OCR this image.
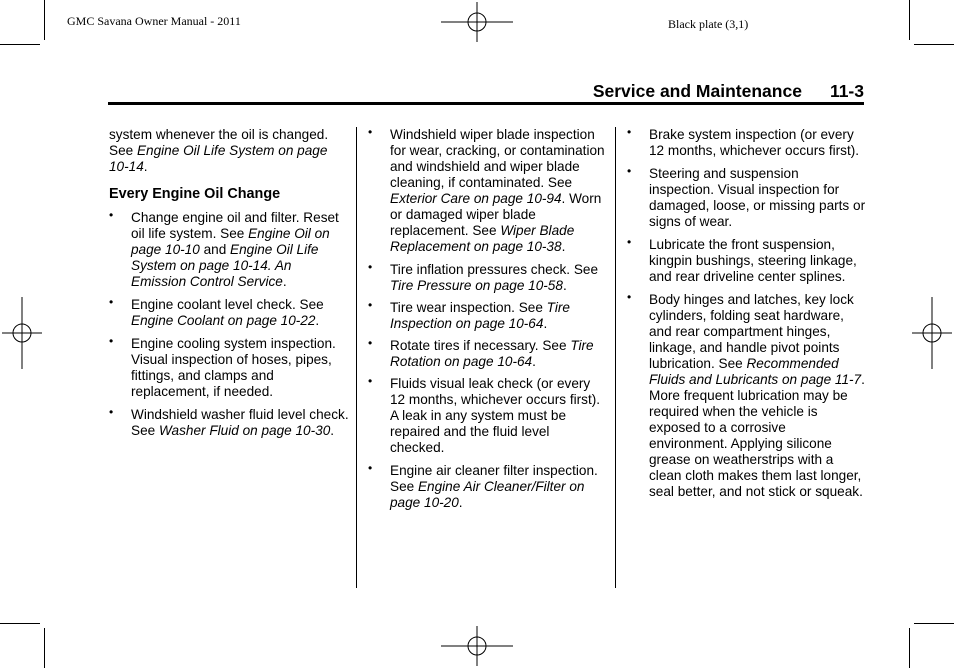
GMC Savana Owner Manual - 2011	Black plate (3,1)
Service and Maintenance 11-3

system whenever the oil is changed. See Engine Oil Life System on page 10-14.

Every Engine Oil Change
• Change engine oil and filter. Reset oil life system. See Engine Oil on page 10-10 and Engine Oil Life System on page 10-14. An Emission Control Service.
• Engine coolant level check. See Engine Coolant on page 10-22.
• Engine cooling system inspection. Visual inspection of hoses, pipes, fittings, and clamps and replacement, if needed.
• Windshield washer fluid level check. See Washer Fluid on page 10-30.
• Windshield wiper blade inspection for wear, cracking, or contamination and windshield and wiper blade cleaning, if contaminated. See Exterior Care on page 10-94. Worn or damaged wiper blade replacement. See Wiper Blade Replacement on page 10-38.
• Tire inflation pressures check. See Tire Pressure on page 10-58.
• Tire wear inspection. See Tire Inspection on page 10-64.
• Rotate tires if necessary. See Tire Rotation on page 10-64.
• Fluids visual leak check (or every 12 months, whichever occurs first). A leak in any system must be repaired and the fluid level checked.
• Engine air cleaner filter inspection. See Engine Air Cleaner/Filter on page 10-20.
• Brake system inspection (or every 12 months, whichever occurs first).
• Steering and suspension inspection. Visual inspection for damaged, loose, or missing parts or signs of wear.
• Lubricate the front suspension, kingpin bushings, steering linkage, and rear driveline center splines.
• Body hinges and latches, key lock cylinders, folding seat hardware, and rear compartment hinges, linkage, and handle pivot points lubrication. See Recommended Fluids and Lubricants on page 11-7. More frequent lubrication may be required when the vehicle is exposed to a corrosive environment. Applying silicone grease on weatherstrips with a clean cloth makes them last longer, seal better, and not stick or squeak.
